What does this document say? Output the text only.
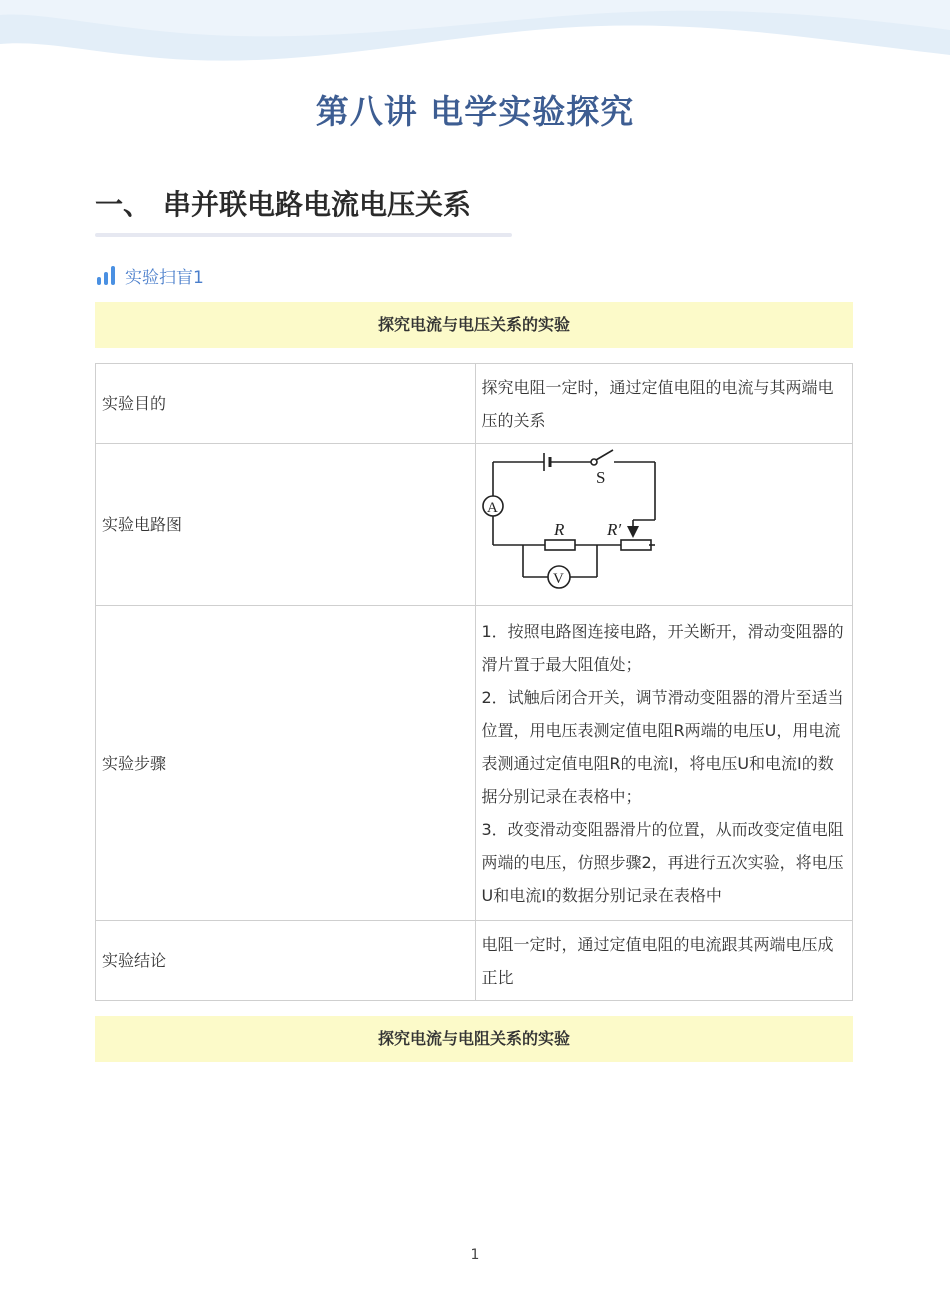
第八讲 电学实验探究
一、 串并联电路电流电压关系
实验扫盲1
探究电流与电压关系的实验
实验目的	探究电阻一定时，通过定值电阻的电流与其两端电压的关系
实验电路图	S
A
V
R R′

实验步骤	1．按照电路图连接电路，开关断开，滑动变阻器的滑片置于最大阻值处；
2．试触后闭合开关，调节滑动变阻器的滑片至适当位置，用电压表测定值电阻R两端的电压U，用电流表测通过定值电阻R的电流I，将电压U和电流I的数据分别记录在表格中；
3．改变滑动变阻器滑片的位置，从而改变定值电阻两端的电压，仿照步骤2，再进行五次实验，将电压U和电流I的数据分别记录在表格中

实验结论	电阻一定时，通过定值电阻的电流跟其两端电压成正比
探究电流与电阻关系的实验
1
